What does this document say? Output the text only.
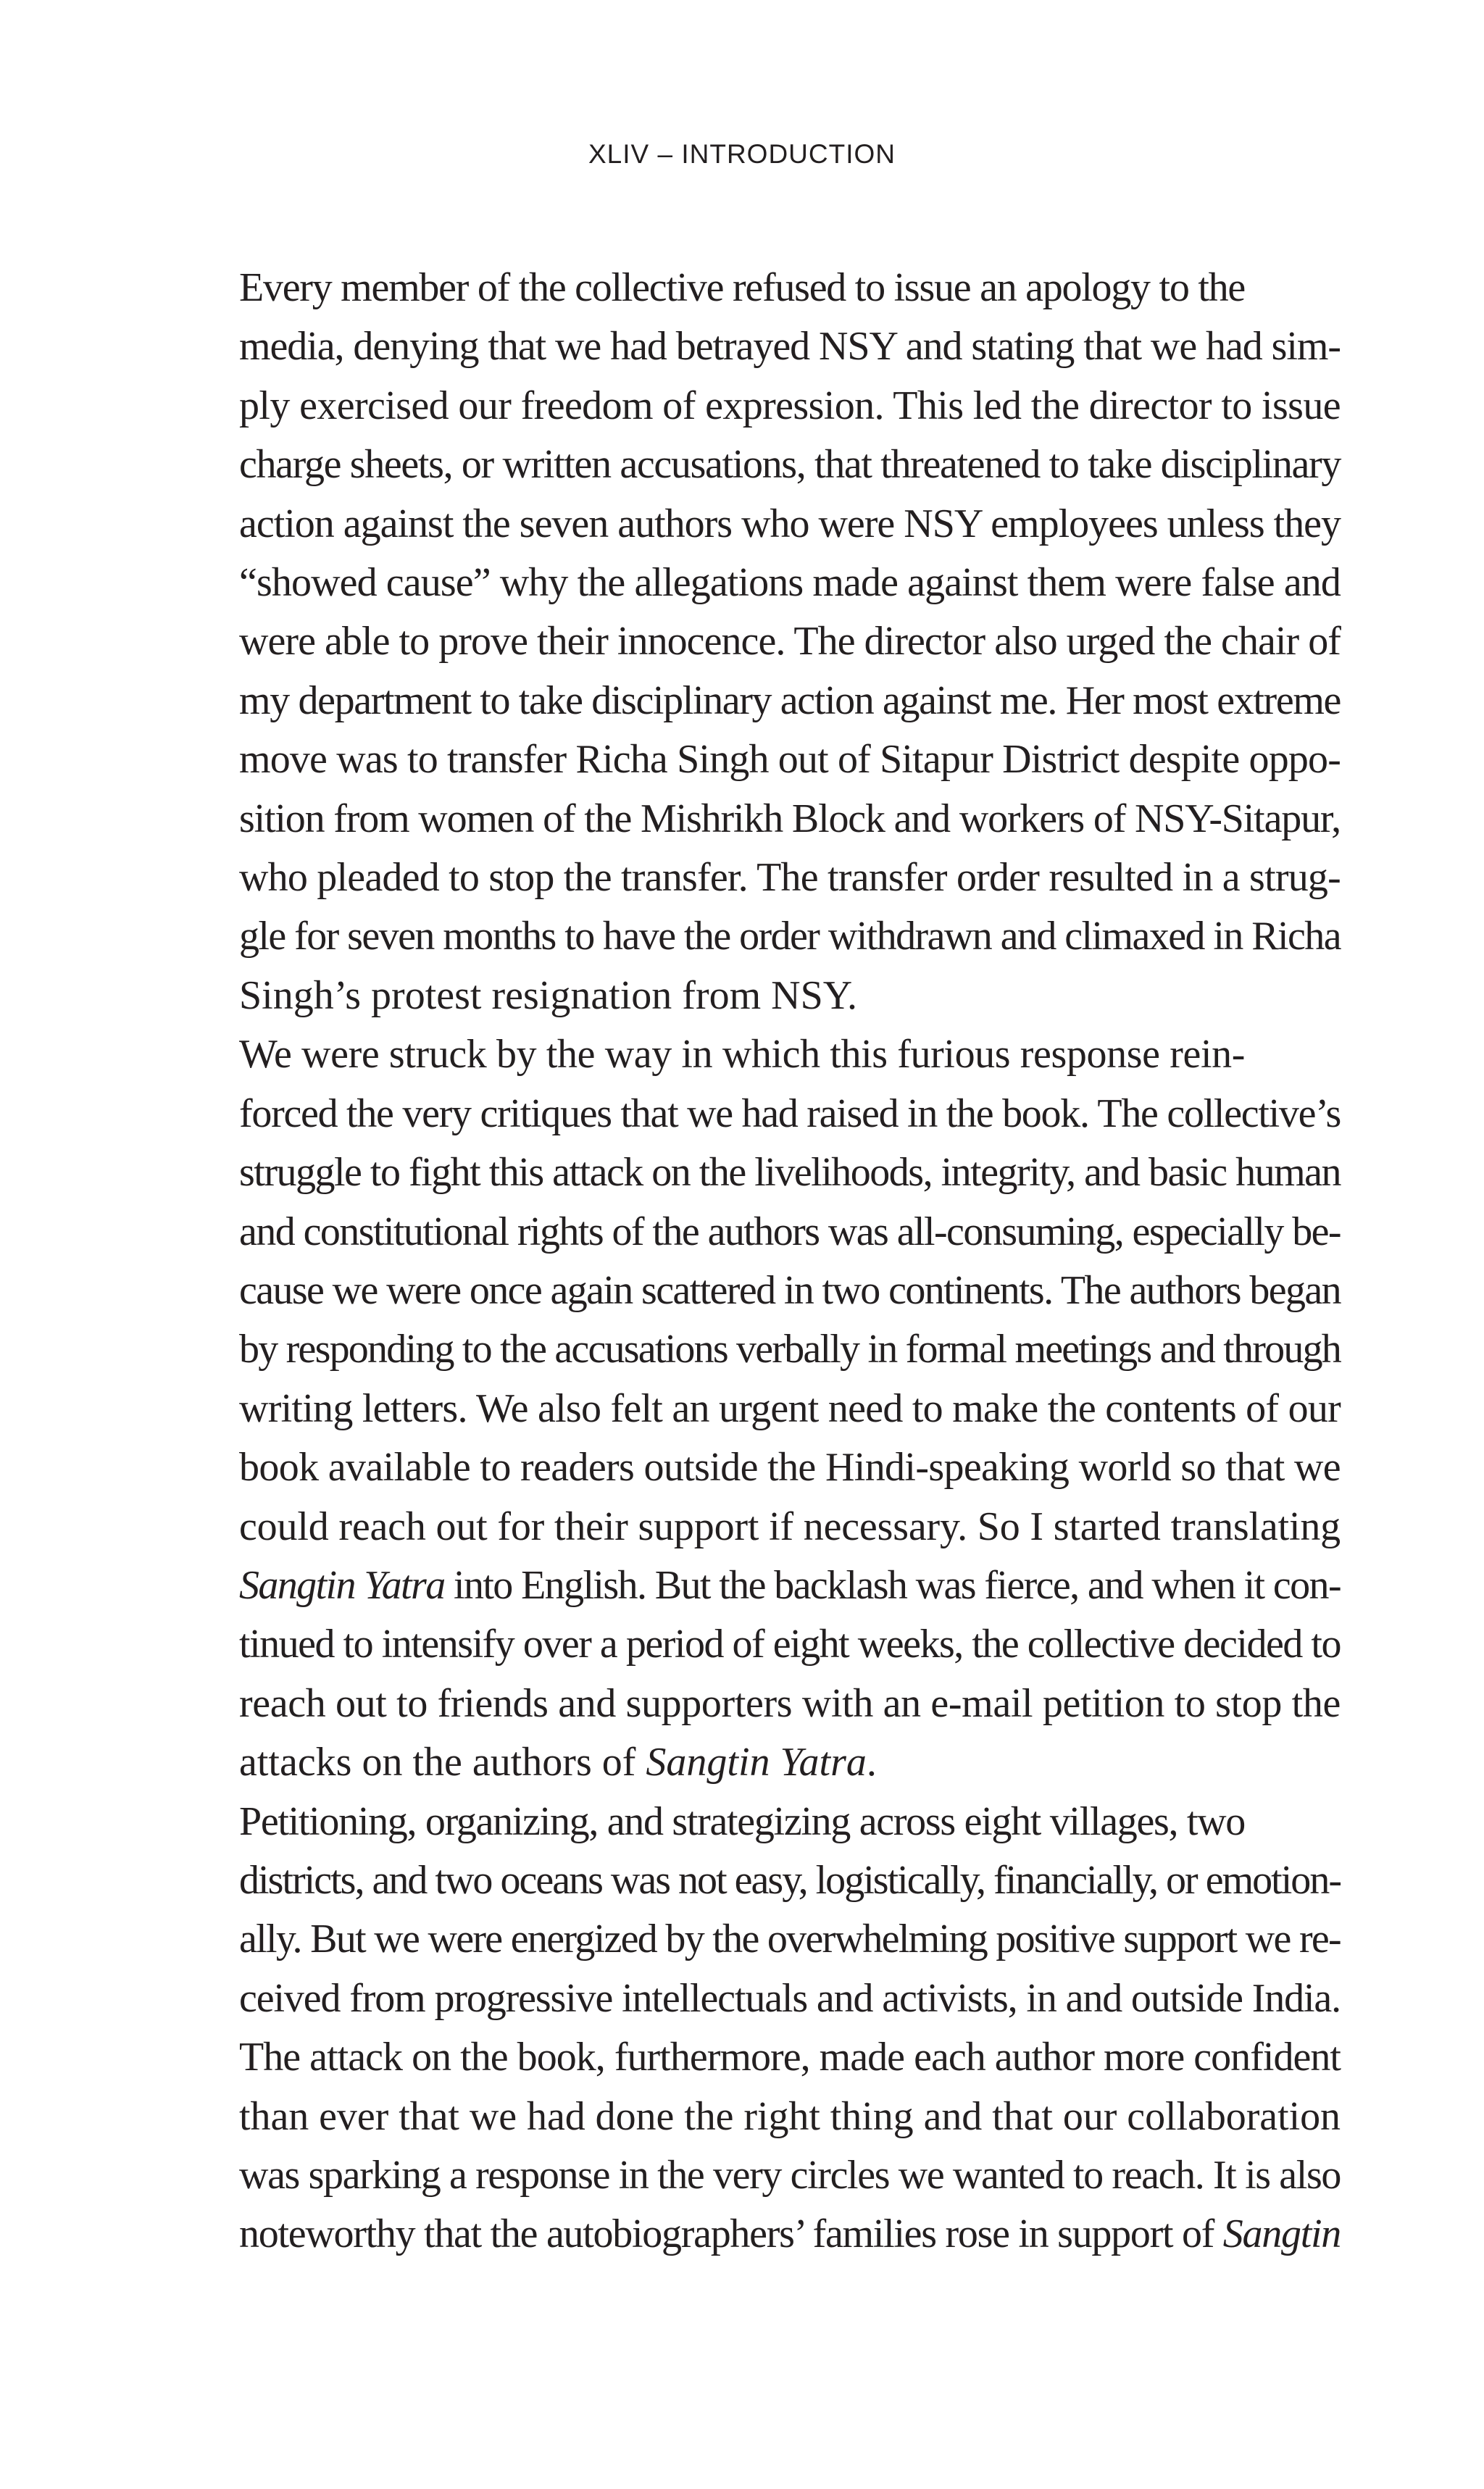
XLIV – INTRODUCTION

Every member of the collective refused to issue an apology to the
media, denying that we had betrayed NSY and stating that we had sim-
ply exercised our freedom of expression. This led the director to issue
charge sheets, or written accusations, that threatened to take disciplinary
action against the seven authors who were NSY employees unless they
“showed cause” why the allegations made against them were false and
were able to prove their innocence. The director also urged the chair of
my department to take disciplinary action against me. Her most extreme
move was to transfer Richa Singh out of Sitapur District despite oppo-
sition from women of the Mishrikh Block and workers of NSY-Sitapur,
who pleaded to stop the transfer. The transfer order resulted in a strug-
gle for seven months to have the order withdrawn and climaxed in Richa
Singh’s protest resignation from NSY.

We were struck by the way in which this furious response rein-
forced the very critiques that we had raised in the book. The collective’s
struggle to fight this attack on the livelihoods, integrity, and basic human
and constitutional rights of the authors was all-consuming, especially be-
cause we were once again scattered in two continents. The authors began
by responding to the accusations verbally in formal meetings and through
writing letters. We also felt an urgent need to make the contents of our
book available to readers outside the Hindi-speaking world so that we
could reach out for their support if necessary. So I started translating
Sangtin Yatra into English. But the backlash was fierce, and when it con-
tinued to intensify over a period of eight weeks, the collective decided to
reach out to friends and supporters with an e-mail petition to stop the
attacks on the authors of Sangtin Yatra.

Petitioning, organizing, and strategizing across eight villages, two
districts, and two oceans was not easy, logistically, financially, or emotion-
ally. But we were energized by the overwhelming positive support we re-
ceived from progressive intellectuals and activists, in and outside India.
The attack on the book, furthermore, made each author more confident
than ever that we had done the right thing and that our collaboration
was sparking a response in the very circles we wanted to reach. It is also
noteworthy that the autobiographers’ families rose in support of Sangtin
